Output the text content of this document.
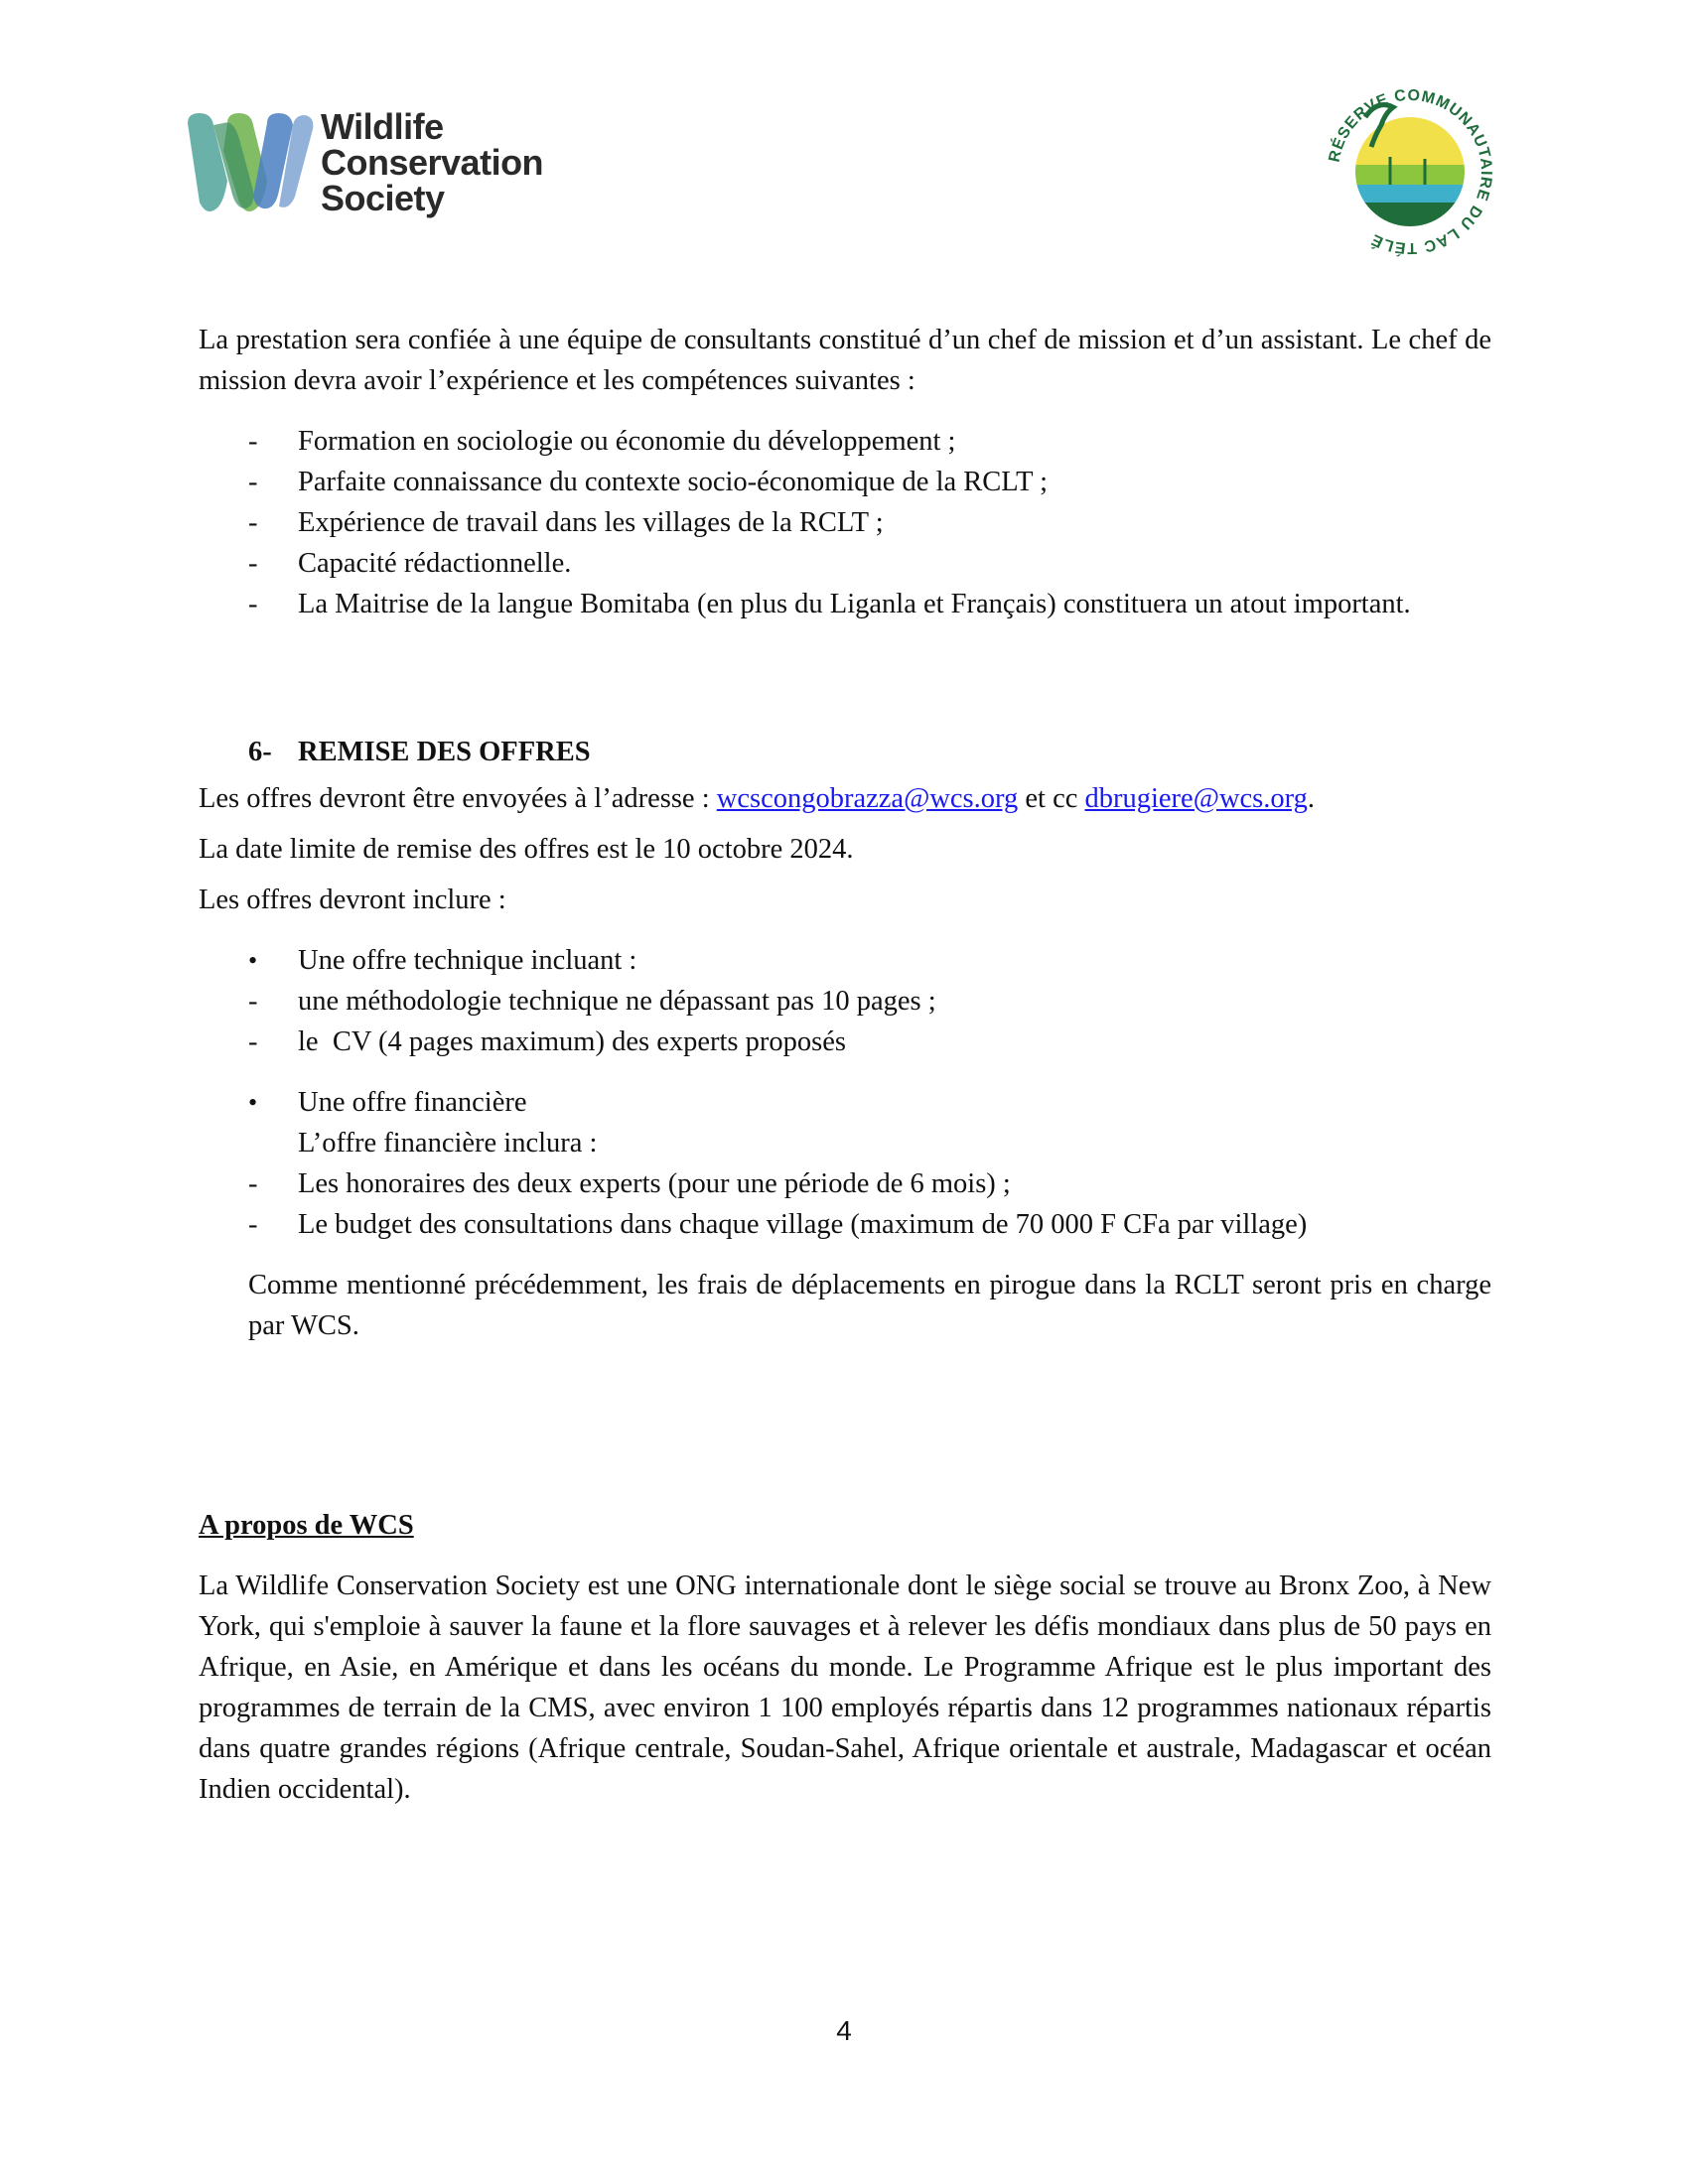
Wildlife
Conservation
Society
RÉSERVE COMMUNAUTAIRE DU LAC TÉLÉ

La prestation sera confiée à une équipe de consultants constitué d’un chef de mission et d’un assistant. Le chef de mission devra avoir l’expérience et les compétences suivantes :

-	Formation en sociologie ou économie du développement ;
-	Parfaite connaissance du contexte socio-économique de la RCLT ;
-	Expérience de travail dans les villages de la RCLT ;
-	Capacité rédactionnelle.
-	La Maitrise de la langue Bomitaba (en plus du Liganla et Français) constituera un atout important.
6- REMISE DES OFFRES

Les offres devront être envoyées à l’adresse : wcscongobrazza@wcs.org et cc dbrugiere@wcs.org.

La date limite de remise des offres est le 10 octobre 2024.

Les offres devront inclure :

•	Une offre technique incluant :
-	une méthodologie technique ne dépassant pas 10 pages ;
-	le  CV (4 pages maximum) des experts proposés
•	Une offre financière
L’offre financière inclura :
-	Les honoraires des deux experts (pour une période de 6 mois) ;
-	Le budget des consultations dans chaque village (maximum de 70 000 F CFa par village)

Comme mentionné précédemment, les frais de déplacements en pirogue dans la RCLT seront pris en charge par WCS.

A propos de WCS

La Wildlife Conservation Society est une ONG internationale dont le siège social se trouve au Bronx Zoo, à New York, qui s'emploie à sauver la faune et la flore sauvages et à relever les défis mondiaux dans plus de 50 pays en Afrique, en Asie, en Amérique et dans les océans du monde. Le Programme Afrique est le plus important des programmes de terrain de la CMS, avec environ 1 100 employés répartis dans 12 programmes nationaux répartis dans quatre grandes régions (Afrique centrale, Soudan-Sahel, Afrique orientale et australe, Madagascar et océan Indien occidental).

4
